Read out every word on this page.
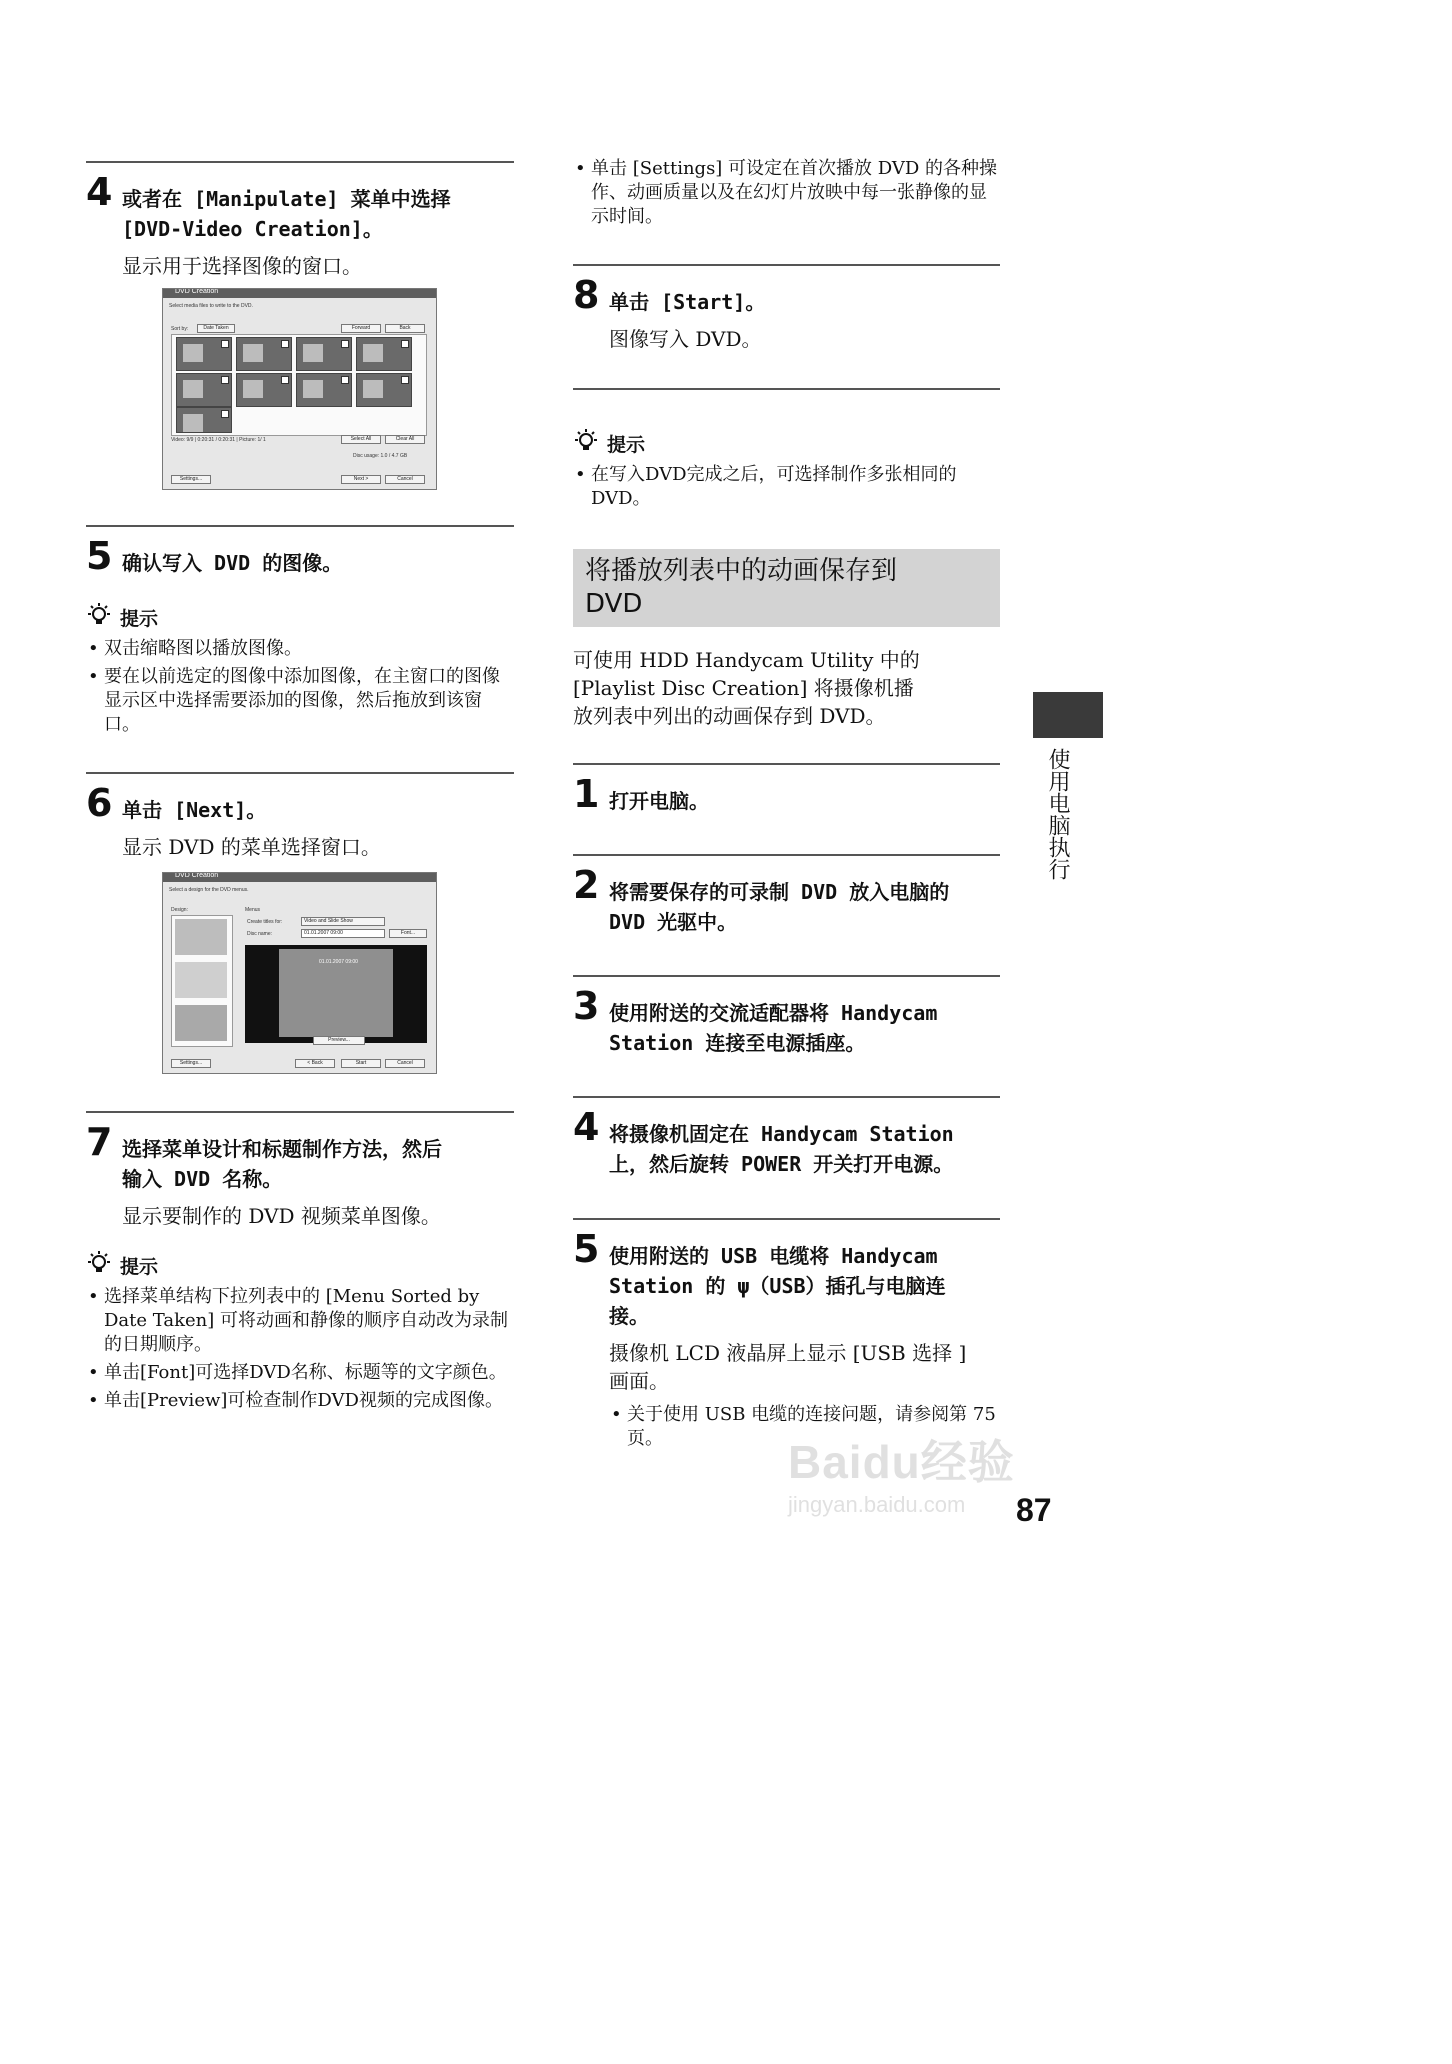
4 或者在 [Manipulate] 菜单中选择
[DVD-Video Creation]。
显示用于选择图像的窗口。
DVD Creation
Select media files to write to the DVD.
Sort by:	Date Taken	Forward	Back
Video: 9/9 | 0:20:31 / 0:20:31 | Picture: 1/ 1	Select All	Clear All
Disc usage: 1.0 / 4.7 GB
Settings...	Next >	Cancel
5 确认写入 DVD 的图像。
提示
• 双击缩略图以播放图像。
• 要在以前选定的图像中添加图像，在主窗口的图像显示区中选择需要添加的图像，然后拖放到该窗口。
6 单击 [Next]。
显示 DVD 的菜单选择窗口。
DVD Creation
Select a design for the DVD menus.
Design:	Menus
Create titles for:	Video and Slide Show
Disc name:	01.01.2007 09:00	Font...
01.01.2007 09:00
Preview...
Settings...	< Back	Start	Cancel
7 选择菜单设计和标题制作方法，然后
输入 DVD 名称。
显示要制作的 DVD 视频菜单图像。
提示
• 选择菜单结构下拉列表中的 [Menu Sorted by Date Taken] 可将动画和静像的顺序自动改为录制的日期顺序。
• 单击[Font]可选择DVD名称、标题等的文字颜色。
• 单击[Preview]可检查制作DVD视频的完成图像。
• 单击 [Settings] 可设定在首次播放 DVD 的各种操作、动画质量以及在幻灯片放映中每一张静像的显示时间。
8 单击 [Start]。
图像写入 DVD。
提示
• 在写入DVD完成之后，可选择制作多张相同的DVD。
将播放列表中的动画保存到
DVD
可使用 HDD Handycam Utility 中的
[Playlist Disc Creation] 将摄像机播
放列表中列出的动画保存到 DVD。
1 打开电脑。
2 将需要保存的可录制 DVD 放入电脑的
DVD 光驱中。
3 使用附送的交流适配器将 Handycam
Station 连接至电源插座。
4 将摄像机固定在 Handycam Station
上，然后旋转 POWER 开关打开电源。
5 使用附送的 USB 电缆将 Handycam
Station 的 ψ（USB）插孔与电脑连
接。
摄像机 LCD 液晶屏上显示 [USB 选择 ]
画面。
• 关于使用 USB 电缆的连接问题，请参阅第 75 页。
使用电脑执行
Baidu经验
jingyan.baidu.com 87
